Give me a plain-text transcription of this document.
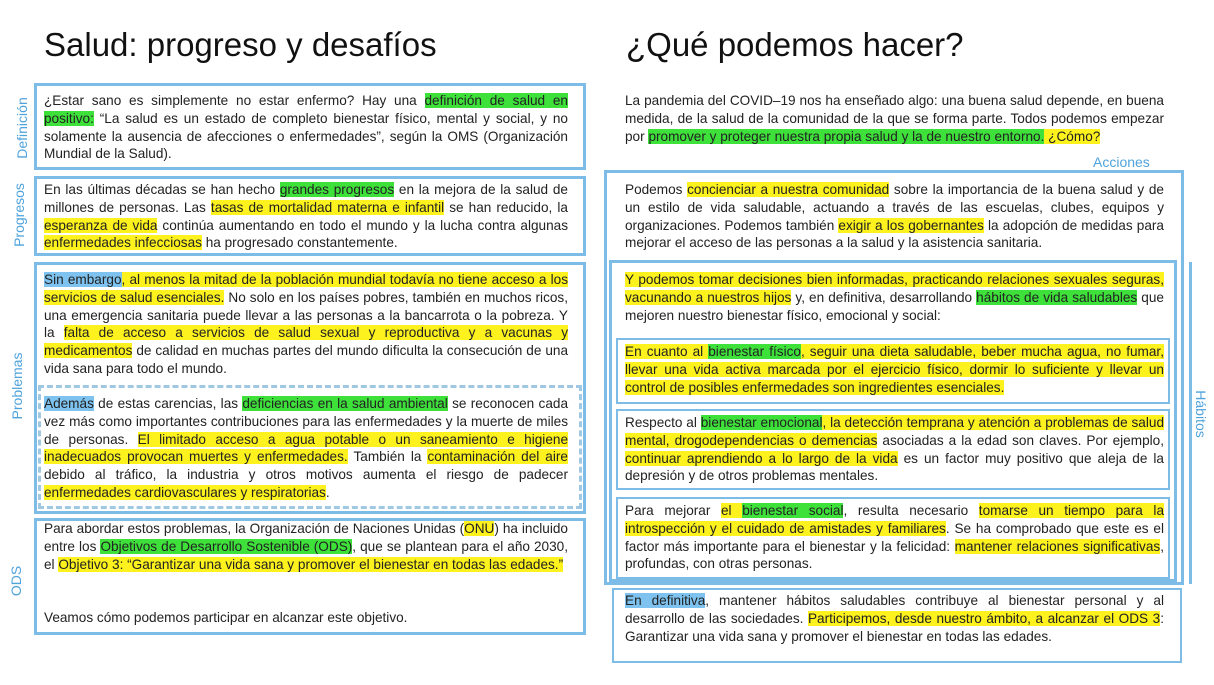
Salud: progreso y desafíos
Definición ¿Estar sano es simplemente no estar enfermo? Hay una definición de salud en positivo: “La salud es un estado de completo bienestar físico, mental y social, y no solamente la ausencia de afecciones o enfermedades”, según la OMS (Organización Mundial de la Salud).
Progresos En las últimas décadas se han hecho grandes progresos en la mejora de la salud de millones de personas. Las tasas de mortalidad materna e infantil se han reducido, la esperanza de vida continúa aumentando en todo el mundo y la lucha contra algunas enfermedades infecciosas ha progresado constantemente.
Problemas
Sin embargo, al menos la mitad de la población mundial todavía no tiene acceso a los servicios de salud esenciales. No solo en los países pobres, también en muchos ricos, una emergencia sanitaria puede llevar a las personas a la bancarrota o la pobreza. Y la falta de acceso a servicios de salud sexual y reproductiva y a vacunas y medicamentos de calidad en muchas partes del mundo dificulta la consecución de una vida sana para todo el mundo.
Además de estas carencias, las deficiencias en la salud ambiental se reconocen cada vez más como importantes contribuciones para las enfermedades y la muerte de miles de personas. El limitado acceso a agua potable o un saneamiento e higiene inadecuados provocan muertes y enfermedades. También la contaminación del aire debido al tráfico, la industria y otros motivos aumenta el riesgo de padecer enfermedades cardiovasculares y respiratorias.
ODS
Para abordar estos problemas, la Organización de Naciones Unidas (ONU) ha incluido entre los Objetivos de Desarrollo Sostenible (ODS), que se plantean para el año 2030, el Objetivo 3: “Garantizar una vida sana y promover el bienestar en todas las edades.”
Veamos cómo podemos participar en alcanzar este objetivo.
¿Qué podemos hacer?
La pandemia del COVID–19 nos ha enseñado algo: una buena salud depende, en buena medida, de la salud de la comunidad de la que se forma parte. Todos podemos empezar por promover y proteger nuestra propia salud y la de nuestro entorno. ¿Cómo?
Acciones
Podemos concienciar a nuestra comunidad sobre la importancia de la buena salud y de un estilo de vida saludable, actuando a través de las escuelas, clubes, equipos y organizaciones. Podemos también exigir a los gobernantes la adopción de medidas para mejorar el acceso de las personas a la salud y la asistencia sanitaria.
Hábitos
Y podemos tomar decisiones bien informadas, practicando relaciones sexuales seguras, vacunando a nuestros hijos y, en definitiva, desarrollando hábitos de vida saludables que mejoren nuestro bienestar físico, emocional y social:
En cuanto al bienestar físico, seguir una dieta saludable, beber mucha agua, no fumar, llevar una vida activa marcada por el ejercicio físico, dormir lo suficiente y llevar un control de posibles enfermedades son ingredientes esenciales.
Respecto al bienestar emocional, la detección temprana y atención a problemas de salud mental, drogodependencias o demencias asociadas a la edad son claves. Por ejemplo, continuar aprendiendo a lo largo de la vida es un factor muy positivo que aleja de la depresión y de otros problemas mentales.
Para mejorar el bienestar social, resulta necesario tomarse un tiempo para la introspección y el cuidado de amistades y familiares. Se ha comprobado que este es el factor más importante para el bienestar y la felicidad: mantener relaciones significativas, profundas, con otras personas.
En definitiva, mantener hábitos saludables contribuye al bienestar personal y al desarrollo de las sociedades. Participemos, desde nuestro ámbito, a alcanzar el ODS 3: Garantizar una vida sana y promover el bienestar en todas las edades.
